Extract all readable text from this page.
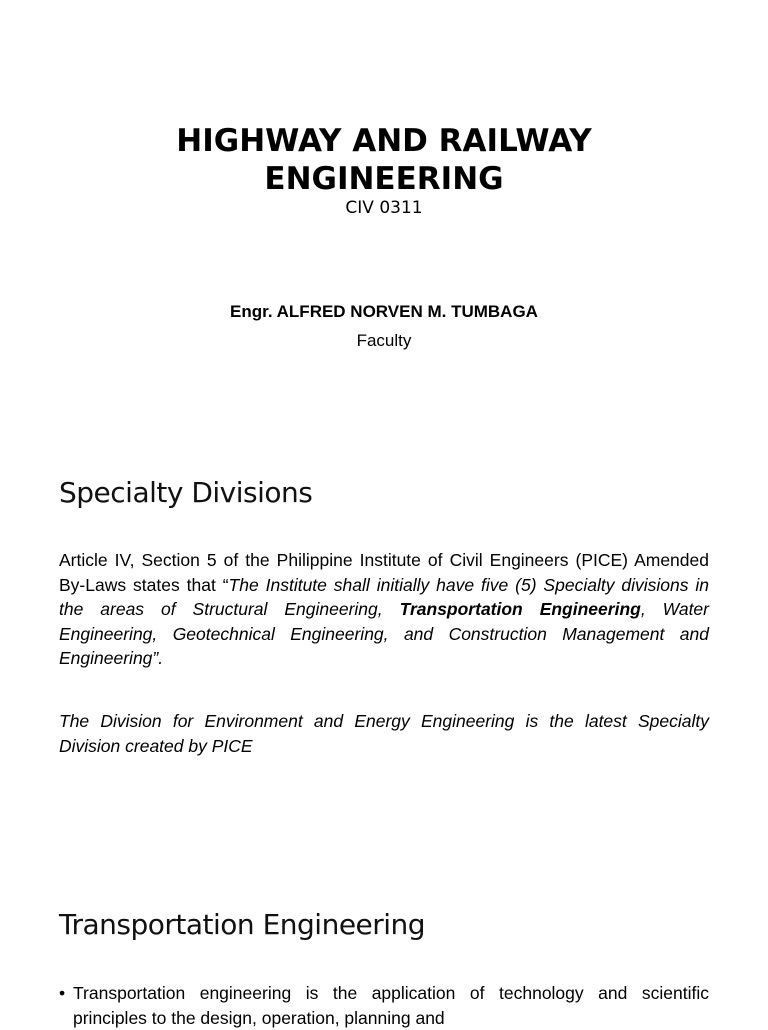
HIGHWAY AND RAILWAY
ENGINEERING
CIV 0311
Engr. ALFRED NORVEN M. TUMBAGA
Faculty
Specialty Divisions
Article IV, Section 5 of the Philippine Institute of Civil Engineers (PICE) Amended By-Laws states that “The Institute shall initially have five (5) Specialty divisions in the areas of Structural Engineering, Transportation Engineering, Water Engineering, Geotechnical Engineering, and Construction Management and Engineering”.
The Division for Environment and Energy Engineering is the latest Specialty Division created by PICE
Transportation Engineering
• Transportation engineering is the application of technology and scientific principles to the design, operation, planning and
